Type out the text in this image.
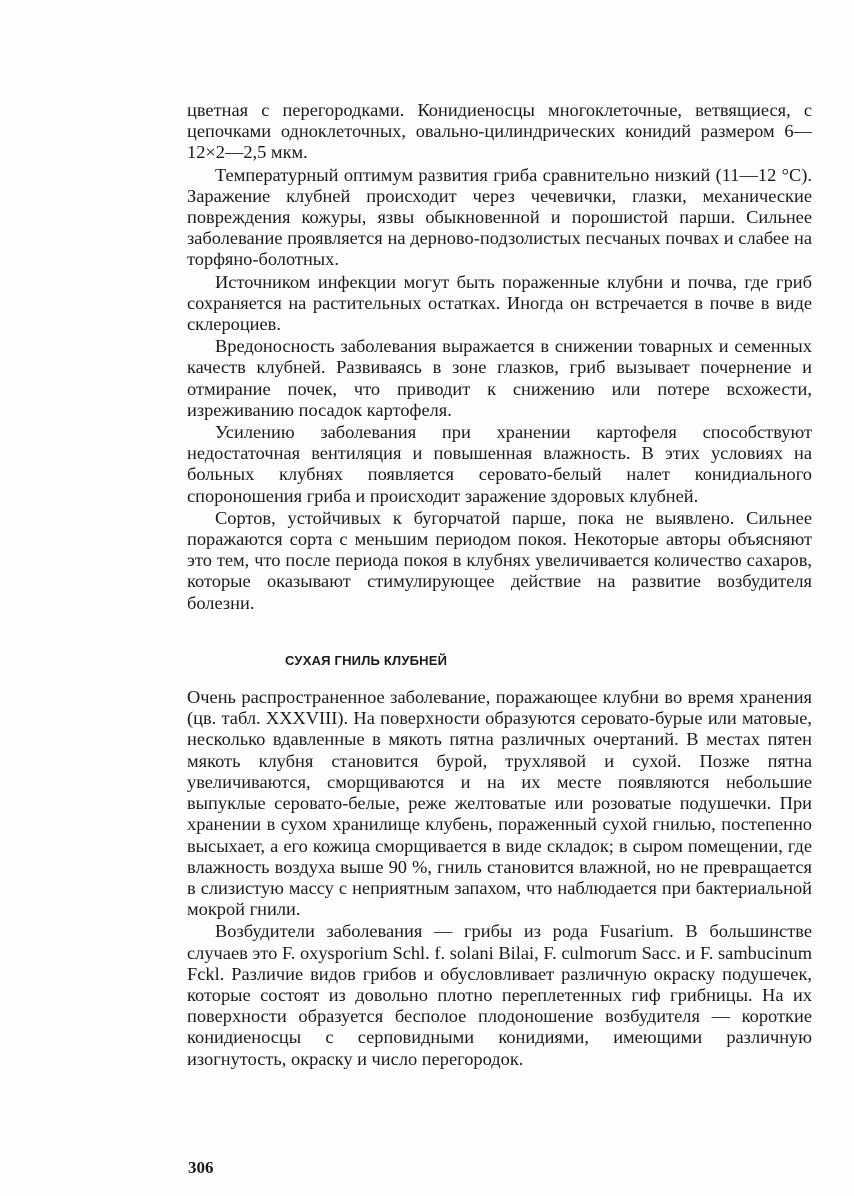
цветная с перегородками. Конидиеносцы многоклеточные, ветвящиеся, с цепочками одноклеточных, овально-цилиндрических конидий размером 6—12×2—2,5 мкм.

Температурный оптимум развития гриба сравнительно низкий (11—12 °С). Заражение клубней происходит через чечевички, глазки, механические повреждения кожуры, язвы обыкновенной и порошистой парши. Сильнее заболевание проявляется на дерново-подзолистых песчаных почвах и слабее на торфяно-болотных.

Источником инфекции могут быть пораженные клубни и почва, где гриб сохраняется на растительных остатках. Иногда он встречается в почве в виде склероциев.

Вредоносность заболевания выражается в снижении товарных и семенных качеств клубней. Развиваясь в зоне глазков, гриб вызывает почернение и отмирание почек, что приводит к снижению или потере всхожести, изреживанию посадок картофеля.

Усилению заболевания при хранении картофеля способствуют недостаточная вентиляция и повышенная влажность. В этих условиях на больных клубнях появляется серовато-белый налет конидиального спороношения гриба и происходит заражение здоровых клубней.

Сортов, устойчивых к бугорчатой парше, пока не выявлено. Сильнее поражаются сорта с меньшим периодом покоя. Некоторые авторы объясняют это тем, что после периода покоя в клубнях увеличивается количество сахаров, которые оказывают стимулирующее действие на развитие возбудителя болезни.

СУХАЯ ГНИЛЬ КЛУБНЕЙ

Очень распространенное заболевание, поражающее клубни во время хранения (цв. табл. XXXVIII). На поверхности образуются серовато-бурые или матовые, несколько вдавленные в мякоть пятна различных очертаний. В местах пятен мякоть клубня становится бурой, трухлявой и сухой. Позже пятна увеличиваются, сморщиваются и на их месте появляются небольшие выпуклые серовато-белые, реже желтоватые или розоватые подушечки. При хранении в сухом хранилище клубень, пораженный сухой гнилью, постепенно высыхает, а его кожица сморщивается в виде складок; в сыром помещении, где влажность воздуха выше 90 %, гниль становится влажной, но не превращается в слизистую массу с неприятным запахом, что наблюдается при бактериальной мокрой гнили.

Возбудители заболевания — грибы из рода Fusarium. В большинстве случаев это F. oxysporium Schl. f. solani Bilai, F. culmorum Sacc. и F. sambucinum Fckl. Различие видов грибов и обусловливает различную окраску подушечек, которые состоят из довольно плотно переплетенных гиф грибницы. На их поверхности образуется бесполое плодоношение возбудителя — короткие конидиеносцы с серповидными конидиями, имеющими различную изогнутость, окраску и число перегородок.

306
